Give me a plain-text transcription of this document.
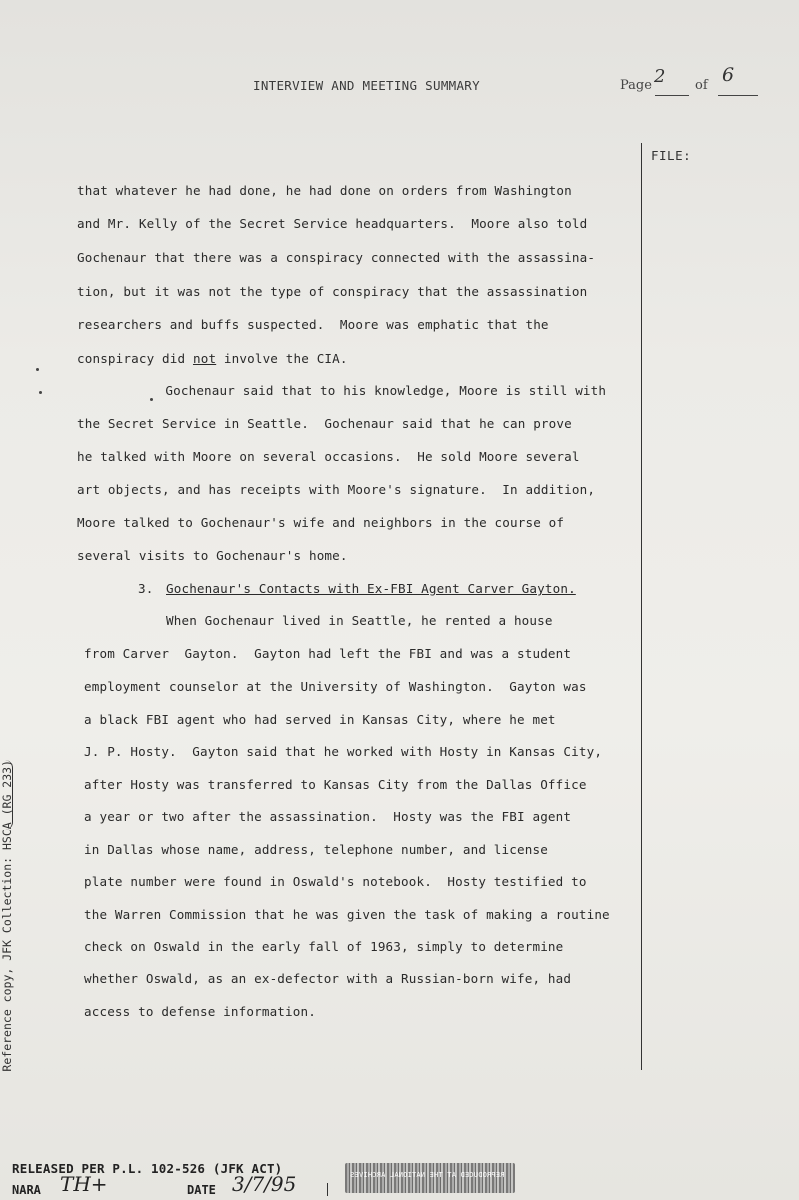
INTERVIEW AND MEETING SUMMARY	Page 2 of 6
FILE:
that whatever he had done, he had done on orders from Washington
and Mr. Kelly of the Secret Service headquarters.  Moore also told
Gochenaur that there was a conspiracy connected with the assassina-
tion, but it was not the type of conspiracy that the assassination
researchers and buffs suspected.  Moore was emphatic that the
conspiracy did not involve the CIA.
Gochenaur said that to his knowledge, Moore is still with
the Secret Service in Seattle.  Gochenaur said that he can prove
he talked with Moore on several occasions.  He sold Moore several
art objects, and has receipts with Moore's signature.  In addition,
Moore talked to Gochenaur's wife and neighbors in the course of
several visits to Gochenaur's home.
3. Gochenaur's Contacts with Ex-FBI Agent Carver Gayton.
When Gochenaur lived in Seattle, he rented a house
from Carver  Gayton.  Gayton had left the FBI and was a student
employment counselor at the University of Washington.  Gayton was
a black FBI agent who had served in Kansas City, where he met
J. P. Hosty.  Gayton said that he worked with Hosty in Kansas City,
after Hosty was transferred to Kansas City from the Dallas Office
a year or two after the assassination.  Hosty was the FBI agent
in Dallas whose name, address, telephone number, and license
plate number were found in Oswald's notebook.  Hosty testified to
the Warren Commission that he was given the task of making a routine
check on Oswald in the early fall of 1963, simply to determine
whether Oswald, as an ex-defector with a Russian-born wife, had
access to defense information.
Reference copy, JFK Collection: HSCA (RG 233)
RELEASED PER P.L. 102-526 (JFK ACT)
NARA TH+	DATE 3/7/95	REPRODUCED AT THE NATIONAL ARCHIVES
